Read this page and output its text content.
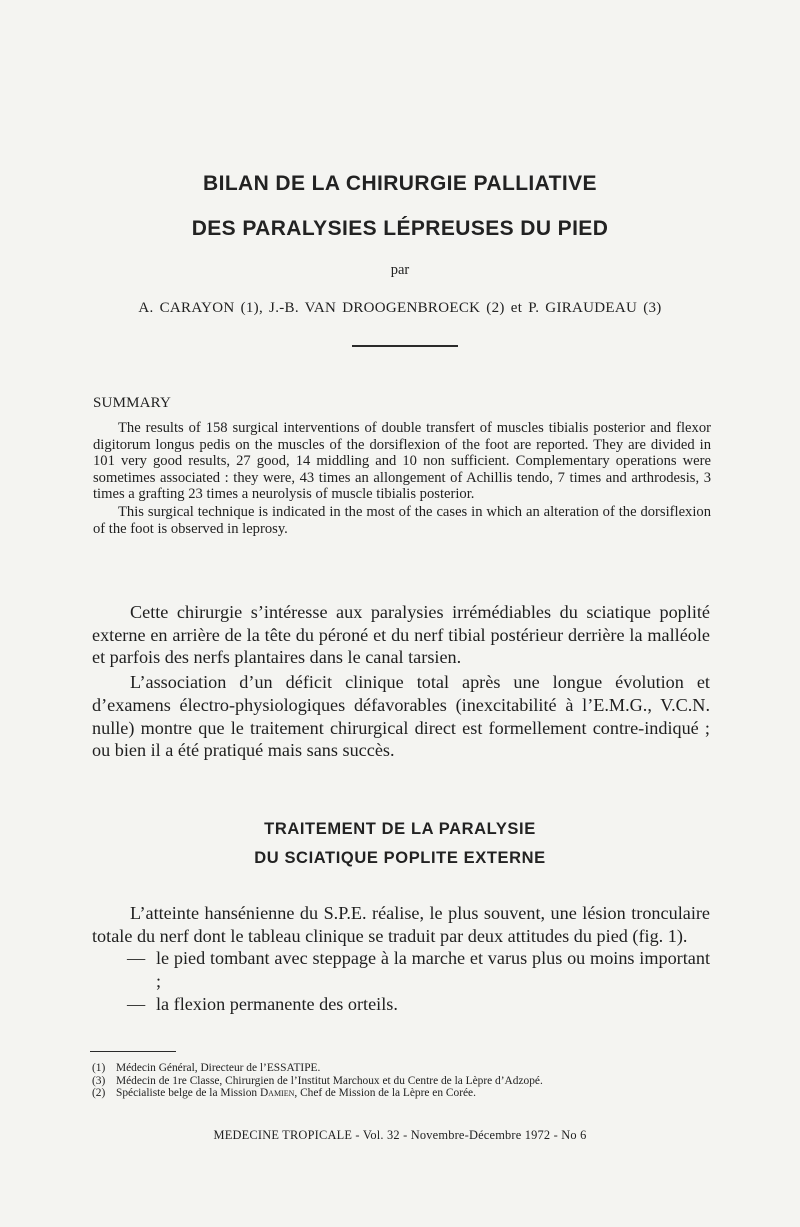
BILAN DE LA CHIRURGIE PALLIATIVE
DES PARALYSIES LÉPREUSES DU PIED
par
A. CARAYON (1), J.-B. VAN DROOGENBROECK (2) et P. GIRAUDEAU (3)
SUMMARY

The results of 158 surgical interventions of double transfert of muscles tibialis posterior and flexor digitorum longus pedis on the muscles of the dorsiflexion of the foot are reported. They are divided in 101 very good results, 27 good, 14 middling and 10 non sufficient. Complementary operations were sometimes associated : they were, 43 times an allongement of Achillis tendo, 7 times and arthrodesis, 3 times a grafting 23 times a neurolysis of muscle tibialis posterior.

This surgical technique is indicated in the most of the cases in which an alteration of the dorsiflexion of the foot is observed in leprosy.

Cette chirurgie s’intéresse aux paralysies irrémédiables du sciatique poplité externe en arrière de la tête du péroné et du nerf tibial postérieur derrière la malléole et parfois des nerfs plantaires dans le canal tarsien.

L’association d’un déficit clinique total après une longue évolution et d’examens électro-physiologiques défavorables (inexcitabilité à l’E.M.G., V.C.N. nulle) montre que le traitement chirurgical direct est formellement contre-indiqué ; ou bien il a été pratiqué mais sans succès.

TRAITEMENT DE LA PARALYSIE
DU SCIATIQUE POPLITE EXTERNE

L’atteinte hansénienne du S.P.E. réalise, le plus souvent, une lésion tronculaire totale du nerf dont le tableau clinique se traduit par deux attitudes du pied (fig. 1).

— le pied tombant avec steppage à la marche et varus plus ou moins important ;

— la flexion permanente des orteils.

(1) Médecin Général, Directeur de l’ESSATIPE.
(3) Médecin de 1re Classe, Chirurgien de l’Institut Marchoux et du Centre de la Lèpre d’Adzopé.
(2) Spécialiste belge de la Mission Damien, Chef de Mission de la Lèpre en Corée.
MEDECINE TROPICALE - Vol. 32 - Novembre-Décembre 1972 - No 6
